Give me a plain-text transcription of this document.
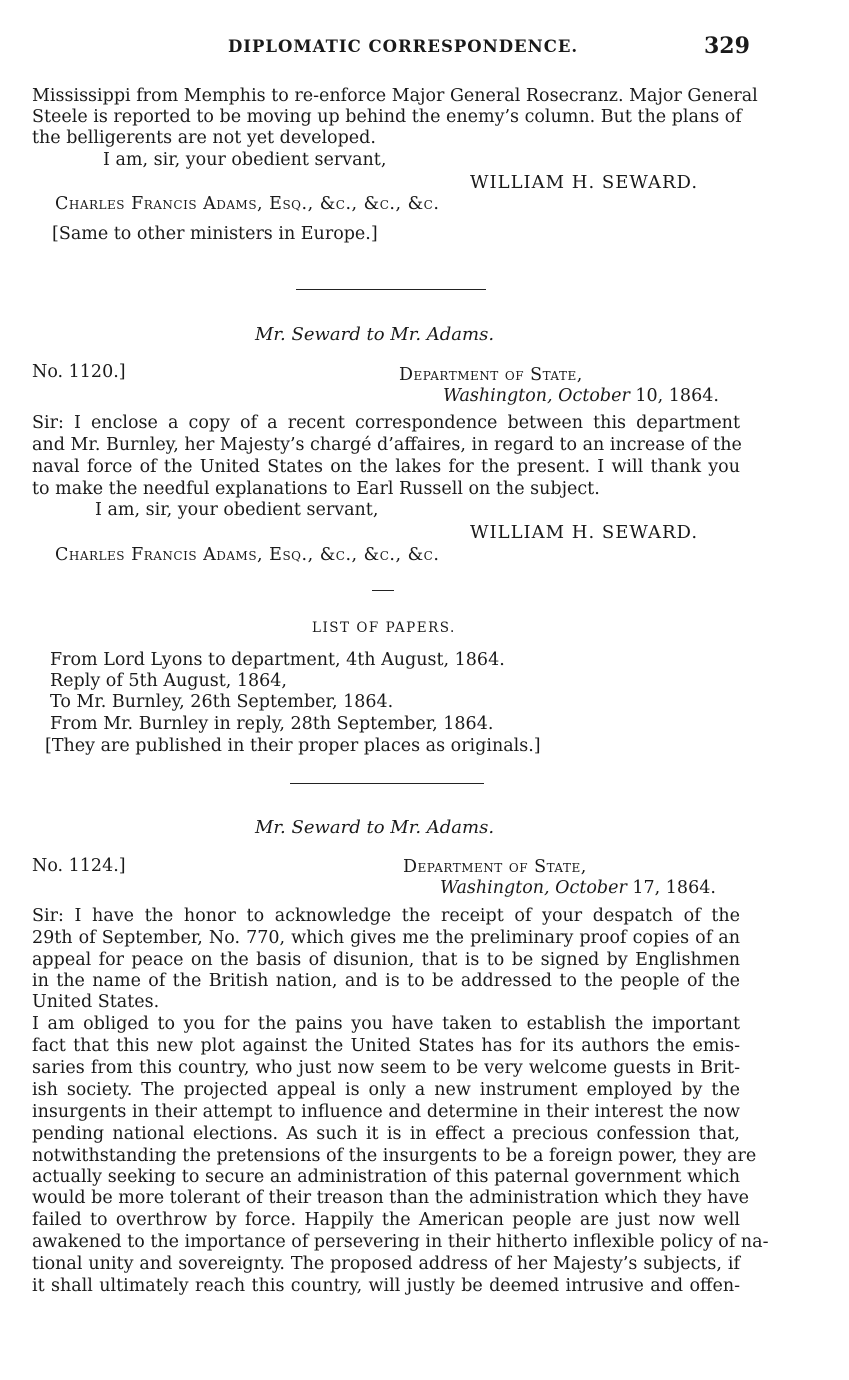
DIPLOMATIC CORRESPONDENCE.	329
Mississippi from Memphis to re-enforce Major General Rosecranz. Major General
Steele is reported to be moving up behind the enemy’s column. But the plans of
the belligerents are not yet developed.
I am, sir, your obedient servant,
WILLIAM H. SEWARD.
Charles Francis Adams, Esq., &c., &c., &c.
[Same to other ministers in Europe.]
Mr. Seward to Mr. Adams.
No. 1120.]	Department of State,
Washington, October 10, 1864.
Sir: I enclose a copy of a recent correspondence between this department
and Mr. Burnley, her Majesty’s chargé d’affaires, in regard to an increase of the
naval force of the United States on the lakes for the present. I will thank you
to make the needful explanations to Earl Russell on the subject.
I am, sir, your obedient servant,
WILLIAM H. SEWARD.
Charles Francis Adams, Esq., &c., &c., &c.
LIST OF PAPERS.
From Lord Lyons to department, 4th August, 1864.
Reply of 5th August, 1864,
To Mr. Burnley, 26th September, 1864.
From Mr. Burnley in reply, 28th September, 1864.
[They are published in their proper places as originals.]
Mr. Seward to Mr. Adams.
No. 1124.]	Department of State,
Washington, October 17, 1864.
Sir: I have the honor to acknowledge the receipt of your despatch of the
29th of September, No. 770, which gives me the preliminary proof copies of an
appeal for peace on the basis of disunion, that is to be signed by Englishmen
in the name of the British nation, and is to be addressed to the people of the
United States.
I am obliged to you for the pains you have taken to establish the important
fact that this new plot against the United States has for its authors the emis-
saries from this country, who just now seem to be very welcome guests in Brit-
ish society. The projected appeal is only a new instrument employed by the
insurgents in their attempt to influence and determine in their interest the now
pending national elections. As such it is in effect a precious confession that,
notwithstanding the pretensions of the insurgents to be a foreign power, they are
actually seeking to secure an administration of this paternal government which
would be more tolerant of their treason than the administration which they have
failed to overthrow by force. Happily the American people are just now well
awakened to the importance of persevering in their hitherto inflexible policy of na-
tional unity and sovereignty. The proposed address of her Majesty’s subjects, if
it shall ultimately reach this country, will justly be deemed intrusive and offen-
